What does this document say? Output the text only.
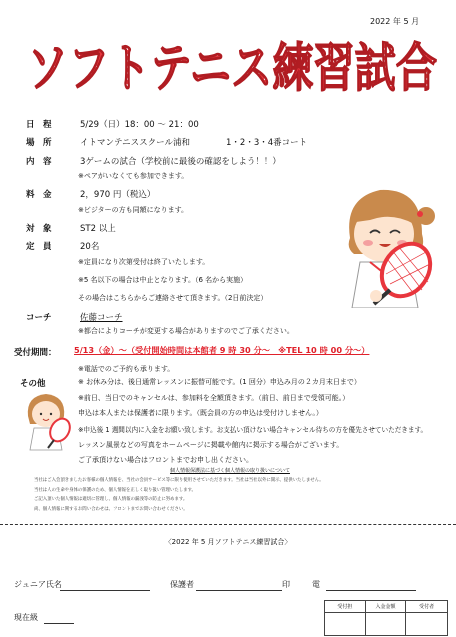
2022 年 5 月
ソフトテニス練習試合
日　程	5/29（日）18：00 〜 21：00
場　所	イトマンテニススクール浦和	1・2・3・4番コート
内　容	3ゲームの試合（学校前に最後の確認をしよう！！）
※ペアがいなくても参加できます。
料　金	2，970 円（税込）
※ビジターの方も同額になります。
対　象	ST2 以上
定　員	20名
※定員になり次第受付は終了いたします。
※5 名以下の場合は中止となります。（6 名から実施）
その場合はこちらからご連絡させて頂きます。（2日前決定）
コーチ	佐藤コーチ
※都合によりコーチが変更する場合がありますのでご了承ください。
受付期間： 5/13（金）〜（受付開始時間は本館者 9 時 30 分〜　※TEL 10 時 00 分〜）
※電話でのご予約も承ります。
その他	※ お休み分は、後日通常レッスンに振替可能です。(1 回分）申込み月の２カ月末日まで）
※前日、当日でのキャンセルは、参加料を全額頂きます。（前日、前日まで受領可能。）
申込は本人または保護者に限ります。（既会員の方の申込は受付けしません。）
※申込後 1 週間以内に入金をお願い致します。お支払い頂けない場合キャンセル待ちの方を優先させていただきます。
レッスン風景などの写真をホームページに掲載や館内に掲示する場合がございます。
ご了承頂けない場合はフロントまでお申し出ください。
個人情報保護法に基づく個人情報の取り扱いについて
当社はご入会頂きましたお客様の個人情報を、当社の会員サービス等に限り使用させていただきます。当社は当社以外に開示、提供いたしません。
当社は人の生命や身体の保護のため、個人情報を正しく取り扱い管理いたします。
ご記入頂いた個人情報は適切に管理し、個人情報の漏洩等の防止に努めます。
尚、個人情報に関するお問い合わせは、フロントまでお問い合わせください。
〈2022 年 5 月ソフトテニス練習試合〉
ジュニア氏名	保護者	印	電
現在級
受付担	入金金額	受付者
